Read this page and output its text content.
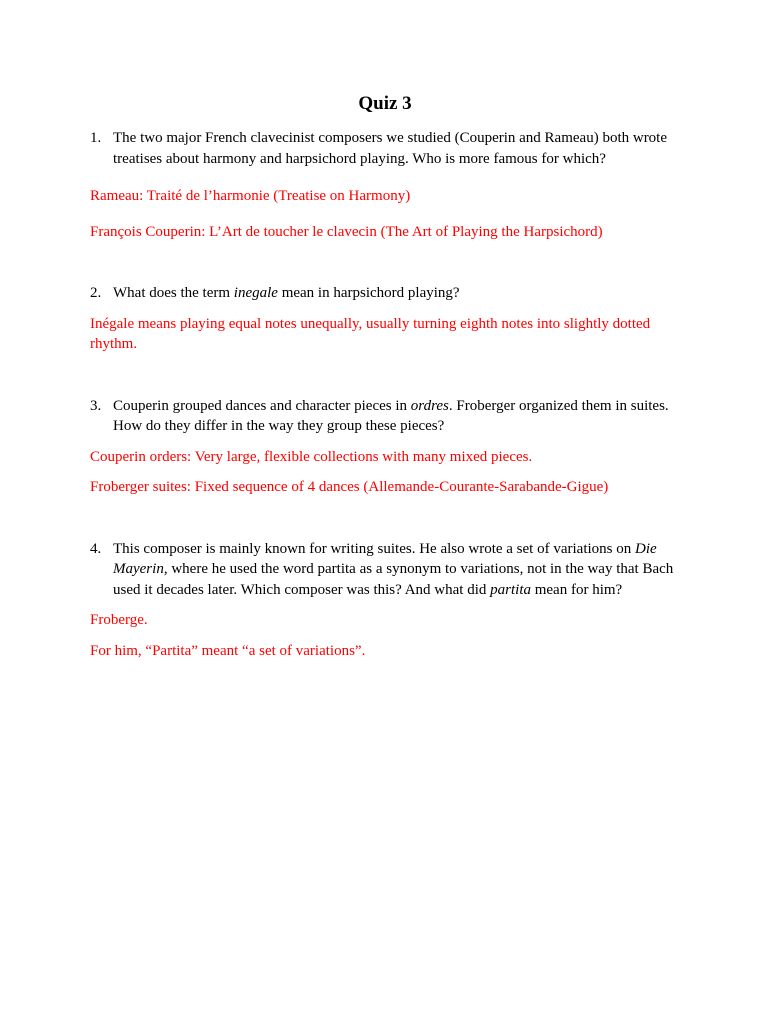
Quiz 3
1. The two major French clavecinist composers we studied (Couperin and Rameau) both wrote treatises about harmony and harpsichord playing. Who is more famous for which?
Rameau: Traité de l’harmonie (Treatise on Harmony)
François Couperin: L’Art de toucher le clavecin (The Art of Playing the Harpsichord)
2. What does the term inegale mean in harpsichord playing?
Inégale means playing equal notes unequally, usually turning eighth notes into slightly dotted rhythm.
3. Couperin grouped dances and character pieces in ordres. Froberger organized them in suites. How do they differ in the way they group these pieces?
Couperin orders: Very large, flexible collections with many mixed pieces.
Froberger suites: Fixed sequence of 4 dances (Allemande-Courante-Sarabande-Gigue)
4. This composer is mainly known for writing suites. He also wrote a set of variations on Die Mayerin, where he used the word partita as a synonym to variations, not in the way that Bach used it decades later. Which composer was this? And what did partita mean for him?
Froberge.
For him, “Partita” meant “a set of variations”.
